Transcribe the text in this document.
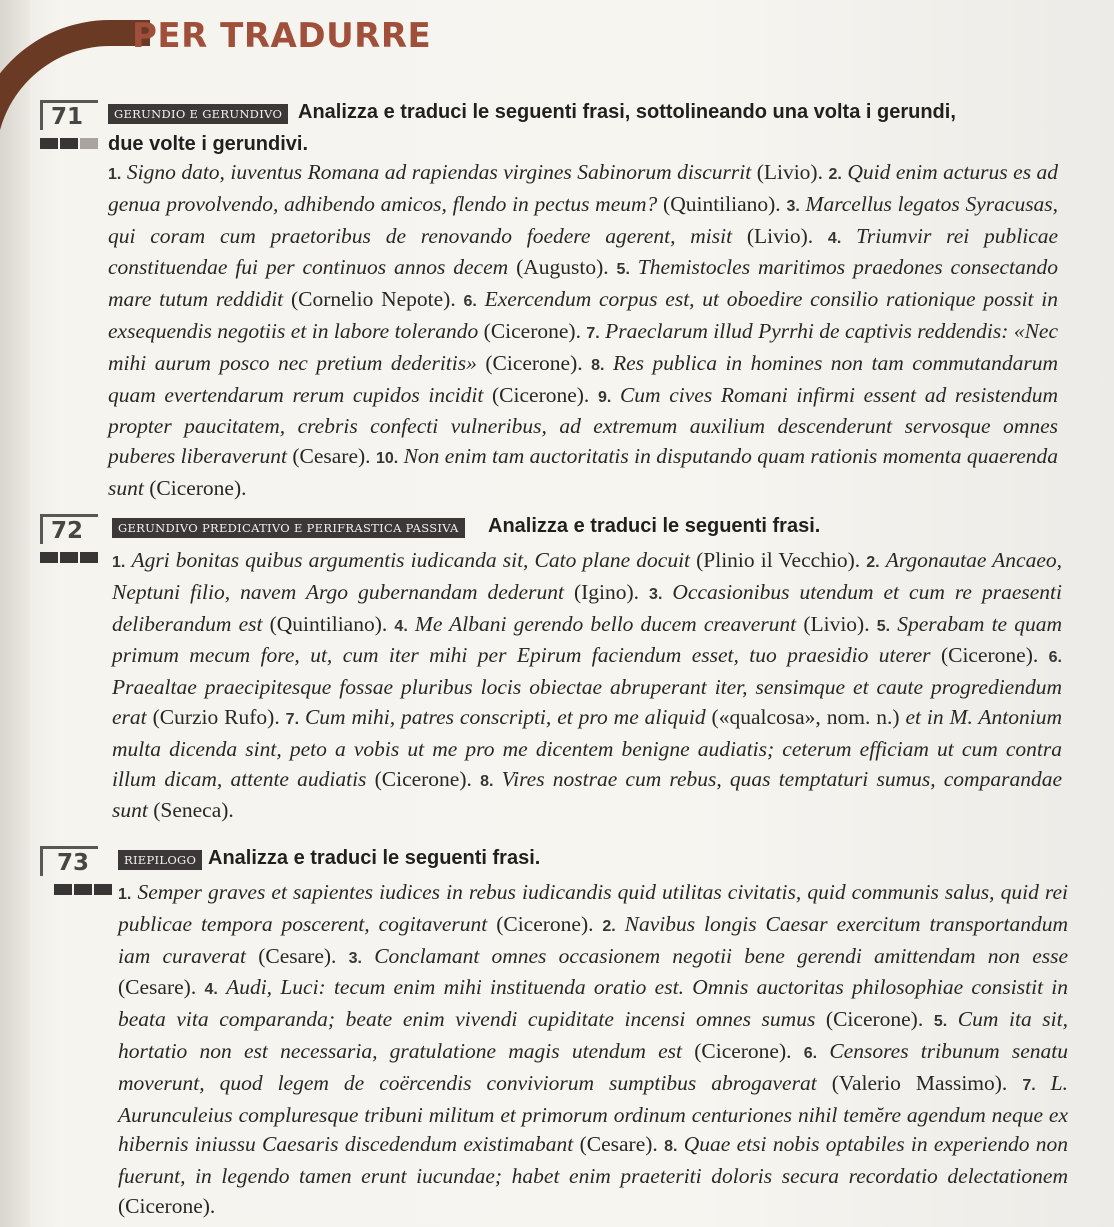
PER TRADURRE
71	GERUNDIO E GERUNDIVO Analizza e traduci le seguenti frasi, sottolineando una volta i gerundi,
due volte i gerundivi.
1. Signo dato, iuventus Romana ad rapiendas virgines Sabinorum discurrit (Livio). 2. Quid enim acturus es ad genua provolvendo, adhibendo amicos, flendo in pectus meum? (Quintiliano). 3. Marcellus legatos Syracusas, qui coram cum praetoribus de renovando foedere agerent, misit (Livio). 4. Triumvir rei publicae constituendae fui per continuos annos decem (Augusto). 5. Themistocles maritimos praedones consectando mare tutum reddidit (Cornelio Nepote). 6. Exercendum corpus est, ut oboedire consilio rationique possit in exsequendis negotiis et in labore tolerando (Cicerone). 7. Praeclarum illud Pyrrhi de captivis reddendis: «Nec mihi aurum posco nec pretium dederitis» (Cicerone). 8. Res publica in homines non tam commutandarum quam evertendarum rerum cupidos incidit (Cicerone). 9. Cum cives Romani infirmi essent ad resistendum propter paucitatem, crebris confecti vulneribus, ad extremum auxilium descenderunt servosque omnes puberes liberaverunt (Cesare). 10. Non enim tam auctoritatis in disputando quam rationis momenta quaerenda sunt (Cicerone).
72	GERUNDIVO PREDICATIVO E PERIFRASTICA PASSIVA	Analizza e traduci le seguenti frasi.
1. Agri bonitas quibus argumentis iudicanda sit, Cato plane docuit (Plinio il Vecchio). 2. Argonautae Ancaeo, Neptuni filio, navem Argo gubernandam dederunt (Igino). 3. Occasionibus utendum et cum re praesenti deliberandum est (Quintiliano). 4. Me Albani gerendo bello ducem creaverunt (Livio). 5. Sperabam te quam primum mecum fore, ut, cum iter mihi per Epirum faciendum esset, tuo praesidio uterer (Cicerone). 6. Praealtae praecipitesque fossae pluribus locis obiectae abruperant iter, sensimque et caute progrediendum erat (Curzio Rufo). 7. Cum mihi, patres conscripti, et pro me aliquid («qualcosa», nom. n.) et in M. Antonium multa dicenda sint, peto a vobis ut me pro me dicentem benigne audiatis; ceterum efficiam ut cum contra illum dicam, attente audiatis (Cicerone). 8. Vires nostrae cum rebus, quas temptaturi sumus, comparandae sunt (Seneca).
73	RIEPILOGO Analizza e traduci le seguenti frasi.
1. Semper graves et sapientes iudices in rebus iudicandis quid utilitas civitatis, quid communis salus, quid rei publicae tempora poscerent, cogitaverunt (Cicerone). 2. Navibus longis Caesar exercitum transportandum iam curaverat (Cesare). 3. Conclamant omnes occasionem negotii bene gerendi amittendam non esse (Cesare). 4. Audi, Luci: tecum enim mihi instituenda oratio est. Omnis auctoritas philosophiae consistit in beata vita comparanda; beate enim vivendi cupiditate incensi omnes sumus (Cicerone). 5. Cum ita sit, hortatio non est necessaria, gratulatione magis utendum est (Cicerone). 6. Censores tribunum senatu moverunt, quod legem de coërcendis conviviorum sumptibus abrogaverat (Valerio Massimo). 7. L. Aurunculeius compluresque tribuni militum et primorum ordinum centuriones nihil temĕre agendum neque ex hibernis iniussu Caesaris discedendum existimabant (Cesare). 8. Quae etsi nobis optabiles in experiendo non fuerunt, in legendo tamen erunt iucundae; habet enim praeteriti doloris secura recordatio delectationem (Cicerone).
